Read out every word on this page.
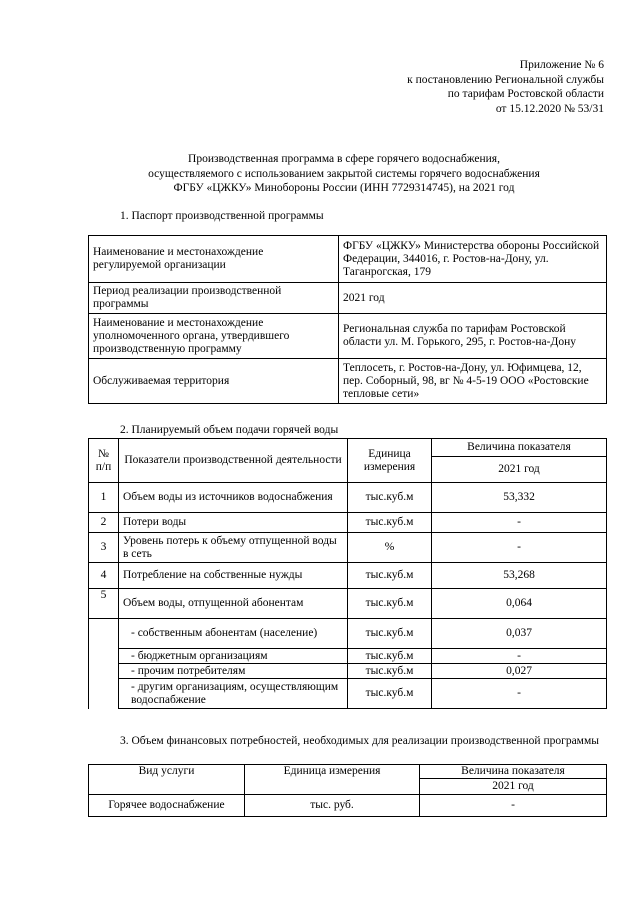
Приложение № 6
к постановлению Региональной службы
по тарифам Ростовской области
от 15.12.2020 № 53/31
Производственная программа в сфере горячего водоснабжения,
осуществляемого с использованием закрытой системы горячего водоснабжения
ФГБУ «ЦЖКУ» Минобороны России (ИНН 7729314745), на 2021 год
1. Паспорт производственной программы
Наименование и местонахождение регулируемой организации	ФГБУ «ЦЖКУ» Министерства обороны Российской Федерации, 344016, г. Ростов-на-Дону, ул. Таганрогская, 179
Период реализации производственной программы	2021 год
Наименование и местонахождение уполномоченного органа, утвердившего производственную программу	Региональная служба по тарифам Ростовской области ул. М. Горького, 295, г. Ростов-на-Дону
Обслуживаемая территория	Теплосеть, г. Ростов-на-Дону, ул. Юфимцева, 12, пер. Соборный, 98, вг № 4-5-19 ООО «Ростовские тепловые сети»
2. Планируемый объем подачи горячей воды
№ п/п	Показатели производственной деятельности	Единица измерения	Величина показателя
			2021 год
1	Объем воды из источников водоснабжения	тыс.куб.м	53,332
2	Потери воды	тыс.куб.м	-
3	Уровень потерь к объему отпущенной воды в сеть	%	-
4	Потребление на собственные нужды	тыс.куб.м	53,268
5	Объем воды, отпущенной абонентам	тыс.куб.м	0,064
	- собственным абонентам (население)	тыс.куб.м	0,037
	- бюджетным организациям	тыс.куб.м	-
	- прочим потребителям	тыс.куб.м	0,027
	- другим организациям, осуществляющим водоспабжение	тыс.куб.м	-
3. Объем финансовых потребностей, необходимых для реализации производственной программы
Вид услуги	Единица измерения	Величина показателя
		2021 год
Горячее водоснабжение	тыс. руб.	-
